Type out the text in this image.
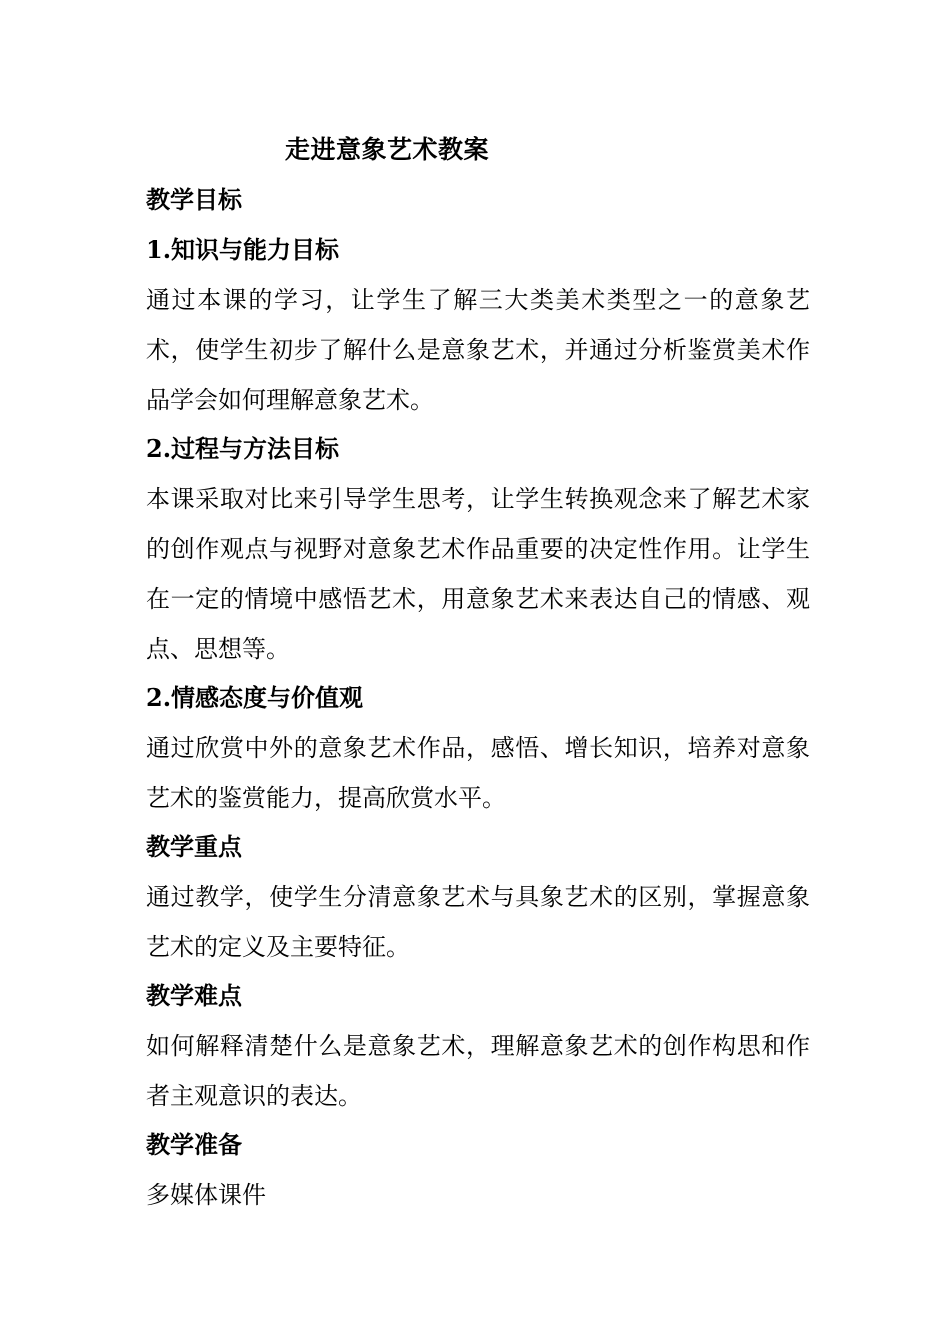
走进意象艺术教案
教学目标
1.知识与能力目标
通过本课的学习，让学生了解三大类美术类型之一的意象艺术，使学生初步了解什么是意象艺术，并通过分析鉴赏美术作品学会如何理解意象艺术。
2.过程与方法目标
本课采取对比来引导学生思考，让学生转换观念来了解艺术家的创作观点与视野对意象艺术作品重要的决定性作用。让学生在一定的情境中感悟艺术，用意象艺术来表达自己的情感、观点、思想等。
2.情感态度与价值观
通过欣赏中外的意象艺术作品，感悟、增长知识，培养对意象艺术的鉴赏能力，提高欣赏水平。
教学重点
通过教学，使学生分清意象艺术与具象艺术的区别，掌握意象艺术的定义及主要特征。
教学难点
如何解释清楚什么是意象艺术，理解意象艺术的创作构思和作者主观意识的表达。
教学准备
多媒体课件
